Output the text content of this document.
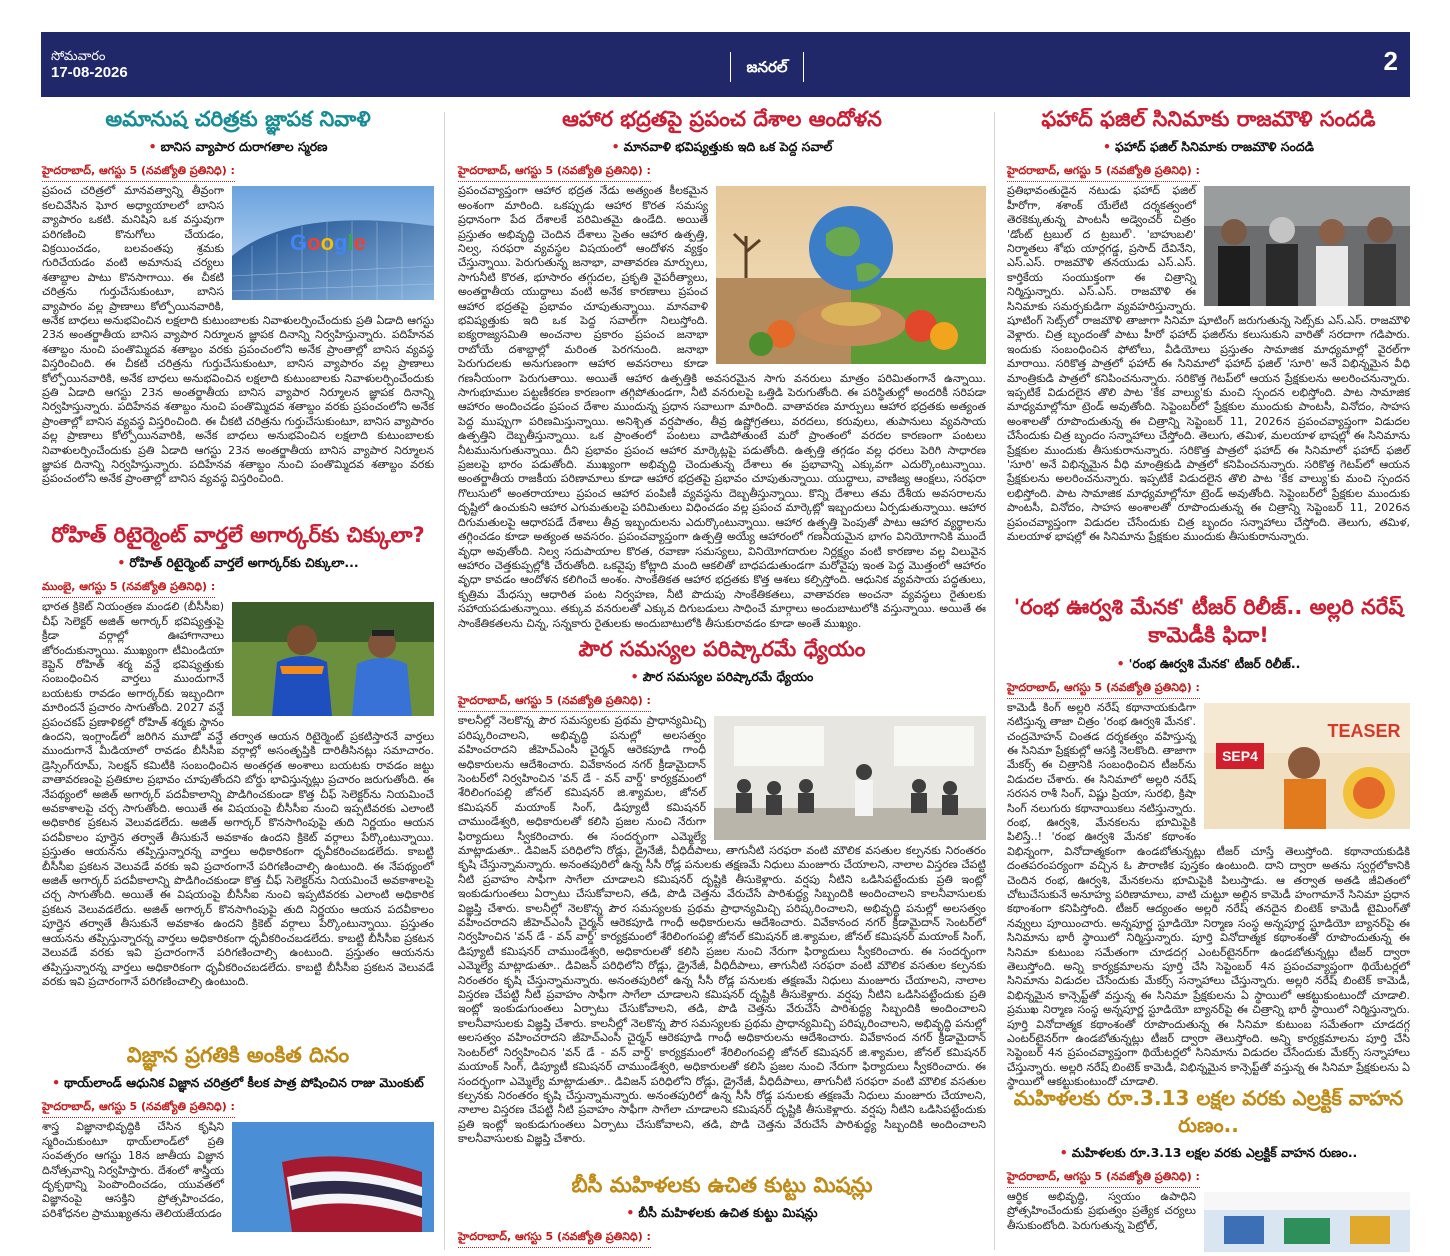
సోమవారం
17-08-2026	జనరల్	2
అమానుష చరిత్రకు జ్ఞాపక నివాళి
• బానిస వ్యాపార దురాగతాల స్మరణ
హైదరాబాద్, ఆగస్టు 5 (నవజ్యోతి ప్రతినిధి) :
Google
ప్రపంచ చరిత్రలో మానవత్వాన్ని తీవ్రంగా కలచివేసిన ఘోర అధ్యాయాలలో బానిస వ్యాపారం ఒకటి. మనిషిని ఒక వస్తువుగా పరిగణించి కొనుగోలు చేయడం, విక్రయించడం, బలవంతపు శ్రమకు గురిచేయడం వంటి అమానుష చర్యలు శతాబ్దాల పాటు కొనసాగాయి. ఈ చీకటి చరిత్రను గుర్తుచేసుకుంటూ, బానిస వ్యాపారం వల్ల ప్రాణాలు కోల్పోయినవారికి, అనేక బాధలు అనుభవించిన లక్షలాది కుటుంబాలకు నివాళులర్పించేందుకు ప్రతి ఏడాది ఆగస్టు 23న అంతర్జాతీయ బానిస వ్యాపార నిర్మూలన జ్ఞాపక దినాన్ని నిర్వహిస్తున్నారు. పదిహేనవ శతాబ్దం నుంచి పంతొమ్మిదవ శతాబ్దం వరకు ప్రపంచంలోని అనేక ప్రాంతాల్లో బానిస వ్యవస్థ విస్తరించింది. ఈ చీకటి చరిత్రను గుర్తుచేసుకుంటూ, బానిస వ్యాపారం వల్ల ప్రాణాలు కోల్పోయినవారికి, అనేక బాధలు అనుభవించిన లక్షలాది కుటుంబాలకు నివాళులర్పించేందుకు ప్రతి ఏడాది ఆగస్టు 23న అంతర్జాతీయ బానిస వ్యాపార నిర్మూలన జ్ఞాపక దినాన్ని నిర్వహిస్తున్నారు. పదిహేనవ శతాబ్దం నుంచి పంతొమ్మిదవ శతాబ్దం వరకు ప్రపంచంలోని అనేక ప్రాంతాల్లో బానిస వ్యవస్థ విస్తరించింది. ఈ చీకటి చరిత్రను గుర్తుచేసుకుంటూ, బానిస వ్యాపారం వల్ల ప్రాణాలు కోల్పోయినవారికి, అనేక బాధలు అనుభవించిన లక్షలాది కుటుంబాలకు నివాళులర్పించేందుకు ప్రతి ఏడాది ఆగస్టు 23న అంతర్జాతీయ బానిస వ్యాపార నిర్మూలన జ్ఞాపక దినాన్ని నిర్వహిస్తున్నారు. పదిహేనవ శతాబ్దం నుంచి పంతొమ్మిదవ శతాబ్దం వరకు ప్రపంచంలోని అనేక ప్రాంతాల్లో బానిస వ్యవస్థ విస్తరించింది.
రోహిత్ రిటైర్మెంట్ వార్తలే అగార్కర్‌కు చిక్కులా?
• రోహిత్ రిటైర్మెంట్ వార్తలే అగార్కర్‌కు చిక్కులా...
ముంబై, ఆగస్టు 5 (నవజ్యోతి ప్రతినిధి) :
భారత క్రికెట్ నియంత్రణ మండలి (బీసీసీఐ) చీఫ్ సెలెక్టర్ అజిత్ అగార్కర్ భవిష్యత్తుపై క్రీడా వర్గాల్లో ఊహాగానాలు జోరందుకున్నాయి. ముఖ్యంగా టీమిండియా కెప్టెన్ రోహిత్ శర్మ వన్డే భవిష్యత్తుకు సంబంధించిన వార్తలు ముందుగానే బయటకు రావడం అగార్కర్‌కు ఇబ్బందిగా మారిందనే ప్రచారం సాగుతోంది. 2027 వన్డే ప్రపంచకప్ ప్రణాళికల్లో రోహిత్ శర్మకు స్థానం ఉందని, ఇంగ్లాండ్‌లో జరిగిన మూడో వన్డే తర్వాత ఆయన రిటైర్మెంట్ ప్రకటిస్తారనే వార్తలు ముందుగానే మీడియాలో రావడం బీసీసీఐ వర్గాల్లో అసంతృప్తికి దారితీసినట్లు సమాచారం. డ్రెస్సింగ్‌రూమ్, సెలక్షన్ కమిటీకి సంబంధించిన అంతర్గత అంశాలు బయటకు రావడం జట్టు వాతావరణంపై ప్రతికూల ప్రభావం చూపుతోందని బోర్డు భావిస్తున్నట్లు ప్రచారం జరుగుతోంది. ఈ నేపథ్యంలో అజిత్ అగార్కర్ పదవీకాలాన్ని పొడిగించకుండా కొత్త చీఫ్ సెలెక్టర్‌ను నియమించే అవకాశాలపై చర్చ సాగుతోంది. అయితే ఈ విషయంపై బీసీసీఐ నుంచి ఇప్పటివరకు ఎలాంటి అధికారిక ప్రకటన వెలువడలేదు. అజిత్ అగార్కర్ కొనసాగింపుపై తుది నిర్ణయం ఆయన పదవీకాలం పూర్తైన తర్వాతే తీసుకునే అవకాశం ఉందని క్రికెట్ వర్గాలు పేర్కొంటున్నాయి. ప్రస్తుతం ఆయనను తప్పిస్తున్నారన్న వార్తలు అధికారికంగా ధృవీకరించబడలేదు. కాబట్టి బీసీసీఐ ప్రకటన వెలువడే వరకు ఇవి ప్రచారంగానే పరిగణించాల్సి ఉంటుంది. ఈ నేపథ్యంలో అజిత్ అగార్కర్ పదవీకాలాన్ని పొడిగించకుండా కొత్త చీఫ్ సెలెక్టర్‌ను నియమించే అవకాశాలపై చర్చ సాగుతోంది. అయితే ఈ విషయంపై బీసీసీఐ నుంచి ఇప్పటివరకు ఎలాంటి అధికారిక ప్రకటన వెలువడలేదు. అజిత్ అగార్కర్ కొనసాగింపుపై తుది నిర్ణయం ఆయన పదవీకాలం పూర్తైన తర్వాతే తీసుకునే అవకాశం ఉందని క్రికెట్ వర్గాలు పేర్కొంటున్నాయి. ప్రస్తుతం ఆయనను తప్పిస్తున్నారన్న వార్తలు అధికారికంగా ధృవీకరించబడలేదు. కాబట్టి బీసీసీఐ ప్రకటన వెలువడే వరకు ఇవి ప్రచారంగానే పరిగణించాల్సి ఉంటుంది. ప్రస్తుతం ఆయనను తప్పిస్తున్నారన్న వార్తలు అధికారికంగా ధృవీకరించబడలేదు. కాబట్టి బీసీసీఐ ప్రకటన వెలువడే వరకు ఇవి ప్రచారంగానే పరిగణించాల్సి ఉంటుంది.
విజ్ఞాన ప్రగతికి అంకిత దినం
• థాయ్‌లాండ్ ఆధునిక విజ్ఞాన చరిత్రలో కీలక పాత్ర పోషించిన రాజు మొంకుట్
హైదరాబాద్, ఆగస్టు 5 (నవజ్యోతి ప్రతినిధి) :
శాస్త్ర విజ్ఞానాభివృద్ధికి చేసిన కృషిని స్మరించుకుంటూ థాయ్‌లాండ్‌లో ప్రతి సంవత్సరం ఆగస్టు 18న జాతీయ విజ్ఞాన దినోత్సవాన్ని నిర్వహిస్తారు. దేశంలో శాస్త్రీయ దృక్పథాన్ని పెంపొందించడం, యువతలో విజ్ఞానంపై ఆసక్తిని ప్రోత్సహించడం, పరిశోధనల ప్రాముఖ్యతను తెలియజేయడం
ఆహార భద్రతపై ప్రపంచ దేశాల ఆందోళన
• మానవాళి భవిష్యత్తుకు ఇది ఒక పెద్ద సవాల్
హైదరాబాద్, ఆగస్టు 5 (నవజ్యోతి ప్రతినిధి) :
ప్రపంచవ్యాప్తంగా ఆహార భద్రత నేడు అత్యంత కీలకమైన అంశంగా మారింది. ఒకప్పుడు ఆహార కొరత సమస్య ప్రధానంగా పేద దేశాలకే పరిమితమై ఉండేది. అయితే ప్రస్తుతం అభివృద్ధి చెందిన దేశాలు సైతం ఆహార ఉత్పత్తి, నిల్వ, సరఫరా వ్యవస్థల విషయంలో ఆందోళన వ్యక్తం చేస్తున్నాయి. పెరుగుతున్న జనాభా, వాతావరణ మార్పులు, సాగునీటి కొరత, భూసారం తగ్గుదల, ప్రకృతి వైపరీత్యాలు, అంతర్జాతీయ యుద్ధాలు వంటి అనేక కారణాలు ప్రపంచ ఆహార భద్రతపై ప్రభావం చూపుతున్నాయి. మానవాళి భవిష్యత్తుకు ఇది ఒక పెద్ద సవాల్‌గా నిలుస్తోంది. ఐక్యరాజ్యసమితి అంచనాల ప్రకారం ప్రపంచ జనాభా రాబోయే దశాబ్దాల్లో మరింత పెరగనుంది. జనాభా పెరుగుదలకు అనుగుణంగా ఆహార అవసరాలు కూడా గణనీయంగా పెరుగుతాయి. అయితే ఆహార ఉత్పత్తికి అవసరమైన సాగు వనరులు మాత్రం పరిమితంగానే ఉన్నాయి. సాగుభూముల పట్టణీకరణ కారణంగా తగ్గిపోతుండగా, నీటి వనరులపై ఒత్తిడి పెరుగుతోంది. ఈ పరిస్థితుల్లో అందరికీ సరిపడా ఆహారం అందించడం ప్రపంచ దేశాల ముందున్న ప్రధాన సవాలుగా మారింది. వాతావరణ మార్పులు ఆహార భద్రతకు అత్యంత పెద్ద ముప్పుగా పరిణమిస్తున్నాయి. అనిశ్చిత వర్షపాతం, తీవ్ర ఉష్ణోగ్రతలు, వరదలు, కరువులు, తుపానులు వ్యవసాయ ఉత్పత్తిని దెబ్బతీస్తున్నాయి. ఒక ప్రాంతంలో పంటలు వాడిపోతుంటే మరో ప్రాంతంలో వరదల కారణంగా పంటలు నీటమునుగుతున్నాయి. దీని ప్రభావం ప్రపంచ ఆహార మార్కెట్లపై పడుతోంది. ఉత్పత్తి తగ్గడం వల్ల ధరలు పెరిగి సాధారణ ప్రజలపై భారం పడుతోంది. ముఖ్యంగా అభివృద్ధి చెందుతున్న దేశాలు ఈ ప్రభావాన్ని ఎక్కువగా ఎదుర్కొంటున్నాయి. అంతర్జాతీయ రాజకీయ పరిణామాలు కూడా ఆహార భద్రతపై ప్రభావం చూపుతున్నాయి. యుద్ధాలు, వాణిజ్య ఆంక్షలు, సరఫరా గొలుసులో అంతరాయాలు ప్రపంచ ఆహార పంపిణీ వ్యవస్థను దెబ్బతీస్తున్నాయి. కొన్ని దేశాలు తమ దేశీయ అవసరాలను దృష్టిలో ఉంచుకుని ఆహార ఎగుమతులపై పరిమితులు విధించడం వల్ల ప్రపంచ మార్కెట్లో ఇబ్బందులు ఏర్పడుతున్నాయి. ఆహార దిగుమతులపై ఆధారపడే దేశాలు తీవ్ర ఇబ్బందులను ఎదుర్కొంటున్నాయి. ఆహార ఉత్పత్తి పెంపుతో పాటు ఆహార వ్యర్థాలను తగ్గించడం కూడా అత్యంత అవసరం. ప్రపంచవ్యాప్తంగా ఉత్పత్తి అయ్యే ఆహారంలో గణనీయమైన భాగం వినియోగానికి ముందే వృధా అవుతోంది. నిల్వ సదుపాయాల కొరత, రవాణా సమస్యలు, వినియోగదారుల నిర్లక్ష్యం వంటి కారణాల వల్ల విలువైన ఆహారం చెత్తకుప్పల్లోకి చేరుతోంది. ఒకవైపు కోట్లాది మంది ఆకలితో బాధపడుతుండగా మరోవైపు ఇంత పెద్ద మొత్తంలో ఆహారం వృధా కావడం ఆందోళన కలిగించే అంశం. సాంకేతికత ఆహార భద్రతకు కొత్త ఆశలు కల్పిస్తోంది. ఆధునిక వ్యవసాయ పద్ధతులు, కృత్రిమ మేధస్సు ఆధారిత పంట నిర్వహణ, నీటి పొదుపు సాంకేతికతలు, వాతావరణ అంచనా వ్యవస్థలు రైతులకు సహాయపడుతున్నాయి. తక్కువ వనరులతో ఎక్కువ దిగుబడులు సాధించే మార్గాలు అందుబాటులోకి వస్తున్నాయి. అయితే ఈ సాంకేతికతలను చిన్న, సన్నకారు రైతులకు అందుబాటులోకి తీసుకురావడం కూడా అంతే ముఖ్యం.
పౌర సమస్యల పరిష్కారమే ధ్యేయం
• పౌర సమస్యల పరిష్కారమే ధ్యేయం
హైదరాబాద్, ఆగస్టు 5 (నవజ్యోతి ప్రతినిధి) :
కాలనీల్లో నెలకొన్న పౌర సమస్యలకు ప్రథమ ప్రాధాన్యమిచ్చి పరిష్కరించాలని, అభివృద్ధి పనుల్లో అలసత్వం వహించరాదని జీహెచ్ఎంసీ చైర్మన్ ఆరెకపూడి గాంధీ అధికారులను ఆదేశించారు. వివేకానంద నగర్ క్రీడామైదాన్ సెంటర్‌లో నిర్వహించిన 'వన్ డే - వన్ వార్డ్' కార్యక్రమంలో శేరిలింగంపల్లి జోనల్ కమిషనర్ జి.శ్యామల, జోనల్ కమిషనర్ మయాంక్ సింగ్, డిప్యూటీ కమిషనర్ చాముండేశ్వరి, అధికారులతో కలిసి ప్రజల నుంచి నేరుగా ఫిర్యాదులు స్వీకరించారు. ఈ సందర్భంగా ఎమ్మెల్యే మాట్లాడుతూ.. డివిజన్ పరిధిలోని రోడ్లు, డ్రైనేజీ, వీధిదీపాలు, తాగునీటి సరఫరా వంటి మౌలిక వసతుల కల్పనకు నిరంతరం కృషి చేస్తున్నామన్నారు. అనంతపురిలో ఉన్న సీసీ రోడ్ల పనులకు తక్షణమే నిధులు మంజూరు చేయాలని, నాలాల విస్తరణ చేపట్టి నీటి ప్రవాహం సాఫీగా సాగేలా చూడాలని కమిషనర్ దృష్టికి తీసుకెళ్లారు. వర్షపు నీటిని ఒడిసిపట్టేందుకు ప్రతి ఇంట్లో ఇంకుడుగుంతలు ఏర్పాటు చేసుకోవాలని, తడి, పొడి చెత్తను వేరుచేసే పారిశుద్ధ్య సిబ్బందికి అందించాలని కాలనీవాసులకు విజ్ఞప్తి చేశారు. కాలనీల్లో నెలకొన్న పౌర సమస్యలకు ప్రథమ ప్రాధాన్యమిచ్చి పరిష్కరించాలని, అభివృద్ధి పనుల్లో అలసత్వం వహించరాదని జీహెచ్ఎంసీ చైర్మన్ ఆరెకపూడి గాంధీ అధికారులను ఆదేశించారు. వివేకానంద నగర్ క్రీడామైదాన్ సెంటర్‌లో నిర్వహించిన 'వన్ డే - వన్ వార్డ్' కార్యక్రమంలో శేరిలింగంపల్లి జోనల్ కమిషనర్ జి.శ్యామల, జోనల్ కమిషనర్ మయాంక్ సింగ్, డిప్యూటీ కమిషనర్ చాముండేశ్వరి, అధికారులతో కలిసి ప్రజల నుంచి నేరుగా ఫిర్యాదులు స్వీకరించారు. ఈ సందర్భంగా ఎమ్మెల్యే మాట్లాడుతూ.. డివిజన్ పరిధిలోని రోడ్లు, డ్రైనేజీ, వీధిదీపాలు, తాగునీటి సరఫరా వంటి మౌలిక వసతుల కల్పనకు నిరంతరం కృషి చేస్తున్నామన్నారు. అనంతపురిలో ఉన్న సీసీ రోడ్ల పనులకు తక్షణమే నిధులు మంజూరు చేయాలని, నాలాల విస్తరణ చేపట్టి నీటి ప్రవాహం సాఫీగా సాగేలా చూడాలని కమిషనర్ దృష్టికి తీసుకెళ్లారు. వర్షపు నీటిని ఒడిసిపట్టేందుకు ప్రతి ఇంట్లో ఇంకుడుగుంతలు ఏర్పాటు చేసుకోవాలని, తడి, పొడి చెత్తను వేరుచేసే పారిశుద్ధ్య సిబ్బందికి అందించాలని కాలనీవాసులకు విజ్ఞప్తి చేశారు. కాలనీల్లో నెలకొన్న పౌర సమస్యలకు ప్రథమ ప్రాధాన్యమిచ్చి పరిష్కరించాలని, అభివృద్ధి పనుల్లో అలసత్వం వహించరాదని జీహెచ్ఎంసీ చైర్మన్ ఆరెకపూడి గాంధీ అధికారులను ఆదేశించారు. వివేకానంద నగర్ క్రీడామైదాన్ సెంటర్‌లో నిర్వహించిన 'వన్ డే - వన్ వార్డ్' కార్యక్రమంలో శేరిలింగంపల్లి జోనల్ కమిషనర్ జి.శ్యామల, జోనల్ కమిషనర్ మయాంక్ సింగ్, డిప్యూటీ కమిషనర్ చాముండేశ్వరి, అధికారులతో కలిసి ప్రజల నుంచి నేరుగా ఫిర్యాదులు స్వీకరించారు. ఈ సందర్భంగా ఎమ్మెల్యే మాట్లాడుతూ.. డివిజన్ పరిధిలోని రోడ్లు, డ్రైనేజీ, వీధిదీపాలు, తాగునీటి సరఫరా వంటి మౌలిక వసతుల కల్పనకు నిరంతరం కృషి చేస్తున్నామన్నారు. అనంతపురిలో ఉన్న సీసీ రోడ్ల పనులకు తక్షణమే నిధులు మంజూరు చేయాలని, నాలాల విస్తరణ చేపట్టి నీటి ప్రవాహం సాఫీగా సాగేలా చూడాలని కమిషనర్ దృష్టికి తీసుకెళ్లారు. వర్షపు నీటిని ఒడిసిపట్టేందుకు ప్రతి ఇంట్లో ఇంకుడుగుంతలు ఏర్పాటు చేసుకోవాలని, తడి, పొడి చెత్తను వేరుచేసే పారిశుద్ధ్య సిబ్బందికి అందించాలని కాలనీవాసులకు విజ్ఞప్తి చేశారు.
బీసీ మహిళలకు ఉచిత కుట్టు మిషన్లు
• బీసీ మహిళలకు ఉచిత కుట్టు మిషన్లు
హైదరాబాద్, ఆగస్టు 5 (నవజ్యోతి ప్రతినిధి) :
ఫహాద్ ఫజిల్ సినిమాకు రాజమౌళి సందడి
• ఫహాద్ ఫజిల్ సినిమాకు రాజమౌళి సందడి
హైదరాబాద్, ఆగస్టు 5 (నవజ్యోతి ప్రతినిధి) :
ప్రతిభావంతుడైన నటుడు ఫహాద్ ఫజిల్ హీరోగా, శశాంక్ యేలేటి దర్శకత్వంలో తెరకెక్కుతున్న పాంటసీ అడ్వెంచర్ చిత్రం 'డోంట్ ట్రబుల్ ద ట్రబుల్'. 'బాహుబలి' నిర్మాతలు శోభు యార్లగడ్డ, ప్రసాద్ దేవినేని, ఎస్.ఎస్. రాజమౌళి తనయుడు ఎస్.ఎస్. కార్తికేయ సంయుక్తంగా ఈ చిత్రాన్ని నిర్మిస్తున్నారు. ఎస్.ఎస్. రాజమౌళి ఈ సినిమాకు సమర్పకుడిగా వ్యవహరిస్తున్నారు. షూటింగ్ సెట్స్‌లో రాజమౌళి తాజాగా సినిమా షూటింగ్ జరుగుతున్న సెట్స్‌కు ఎస్.ఎస్. రాజమౌళి వెళ్లారు. చిత్ర బృందంతో పాటు హీరో ఫహాద్ ఫజిల్‌ను కలుసుకుని వారితో సరదాగా గడిపారు. ఇందుకు సంబంధించిన ఫోటోలు, వీడియోలు ప్రస్తుతం సామాజిక మాధ్యమాల్లో వైరల్‌గా మారాయి. సరికొత్త పాత్రలో ఫహాద్ ఈ సినిమాలో ఫహాద్ ఫజిల్ 'సూరి' అనే విభిన్నమైన వీధి మాంత్రికుడి పాత్రలో కనిపించనున్నారు. సరికొత్త గెటప్‌లో ఆయన ప్రేక్షకులను అలరించనున్నారు. ఇప్పటికే విడుదలైన తొలి పాట 'కేక వాల్యు'కు మంచి స్పందన లభిస్తోంది. పాట సామాజిక మాధ్యమాల్లోనూ ట్రెండ్ అవుతోంది. సెప్టెంబర్‌లో ప్రేక్షకుల ముందుకు పాంటసీ, వినోదం, సాహస అంశాలతో రూపొందుతున్న ఈ చిత్రాన్ని సెప్టెంబర్ 11, 2026న ప్రపంచవ్యాప్తంగా విడుదల చేసేందుకు చిత్ర బృందం సన్నాహాలు చేస్తోంది. తెలుగు, తమిళ, మలయాళ భాషల్లో ఈ సినిమాను ప్రేక్షకుల ముందుకు తీసుకురానున్నారు. సరికొత్త పాత్రలో ఫహాద్ ఈ సినిమాలో ఫహాద్ ఫజిల్ 'సూరి' అనే విభిన్నమైన వీధి మాంత్రికుడి పాత్రలో కనిపించనున్నారు. సరికొత్త గెటప్‌లో ఆయన ప్రేక్షకులను అలరించనున్నారు. ఇప్పటికే విడుదలైన తొలి పాట 'కేక వాల్యు'కు మంచి స్పందన లభిస్తోంది. పాట సామాజిక మాధ్యమాల్లోనూ ట్రెండ్ అవుతోంది. సెప్టెంబర్‌లో ప్రేక్షకుల ముందుకు పాంటసీ, వినోదం, సాహస అంశాలతో రూపొందుతున్న ఈ చిత్రాన్ని సెప్టెంబర్ 11, 2026న ప్రపంచవ్యాప్తంగా విడుదల చేసేందుకు చిత్ర బృందం సన్నాహాలు చేస్తోంది. తెలుగు, తమిళ, మలయాళ భాషల్లో ఈ సినిమాను ప్రేక్షకుల ముందుకు తీసుకురానున్నారు.
'రంభ ఊర్వశి మేనక' టీజర్ రిలీజ్.. అల్లరి నరేష్ కామెడీకి ఫిదా!
• 'రంభ ఊర్వశి మేనక' టీజర్ రిలీజ్..
హైదరాబాద్, ఆగస్టు 5 (నవజ్యోతి ప్రతినిధి) :
SEP4
TEASER
కామెడీ కింగ్ అల్లరి నరేష్ కథానాయకుడిగా నటిస్తున్న తాజా చిత్రం 'రంభ ఊర్వశి మేనక'. చంద్రమోహన్ చింతడ దర్శకత్వం వహిస్తున్న ఈ సినిమా ప్రేక్షకుల్లో ఆసక్తి నెలకొంది. తాజాగా మేకర్స్ ఈ చిత్రానికి సంబంధించిన టీజర్‌ను విడుదల చేశారు. ఈ సినిమాలో అల్లరి నరేష్ సరసన రాశీ సింగ్, విష్ణు ప్రియా, సురభి, క్రిషా సింగ్ నలుగురు కథానాయికలు నటిస్తున్నారు. రంభ, ఊర్వశి, మేనకలను భూమిపైకి పిలిస్తే..! 'రంభ ఊర్వశి మేనక' కథాంశం విభిన్నంగా, వినోదాత్మకంగా ఉండబోతున్నట్లు టీజర్ చూస్తే తెలుస్తోంది. కథానాయకుడికి దంతపరంపర్యంగా వచ్చిన ఓ పౌరాణిక పుస్తకం ఉంటుంది. దాని ద్వారా అతను స్వర్గలోకానికి చెందిన రంభ, ఊర్వశి, మేనకలను భూమిపైకి పిలుస్తాడు. ఆ తర్వాత అతడి జీవితంలో చోటుచేసుకునే అనూహ్య పరిణామాలు, వాటి చుట్టూ అల్లిన కామెడీ హంగామానే సినిమా ప్రధాన కథాంశంగా కనిపిస్తోంది. టీజర్ ఆద్యంతం అల్లరి నరేష్ తనదైన బింటెక్ కామెడీ టైమింగ్‌తో నవ్వులు పూయించారు. అన్నపూర్ణ స్టూడియో నిర్మాణ సంస్థ అన్నపూర్ణ స్టూడియో బ్యానర్‌పై ఈ సినిమాను భారీ స్థాయిలో నిర్మిస్తున్నారు. పూర్తి వినోదాత్మక కథాంశంతో రూపొందుతున్న ఈ సినిమా కుటుంబ సమేతంగా చూడదగ్గ ఎంటర్‌టైనర్‌గా ఉండబోతున్నట్లు టీజర్ ద్వారా తెలుస్తోంది. అన్ని కార్యక్రమాలను పూర్తి చేసి సెప్టెంబర్ 4న ప్రపంచవ్యాప్తంగా థియేటర్లలో సినిమాను విడుదల చేసేందుకు మేకర్స్ సన్నాహాలు చేస్తున్నారు. అల్లరి నరేష్ బింటెక్ కామెడీ, విభిన్నమైన కాన్సెప్ట్‌తో వస్తున్న ఈ సినిమా ప్రేక్షకులను ఏ స్థాయిలో ఆకట్టుకుంటుందో చూడాలి. ప్రముఖ నిర్మాణ సంస్థ అన్నపూర్ణ స్టూడియో బ్యానర్‌పై ఈ చిత్రాన్ని భారీ స్థాయిలో నిర్మిస్తున్నారు. పూర్తి వినోదాత్మక కథాంశంతో రూపొందుతున్న ఈ సినిమా కుటుంబ సమేతంగా చూడదగ్గ ఎంటర్‌టైనర్‌గా ఉండబోతున్నట్లు టీజర్ ద్వారా తెలుస్తోంది. అన్ని కార్యక్రమాలను పూర్తి చేసి సెప్టెంబర్ 4న ప్రపంచవ్యాప్తంగా థియేటర్లలో సినిమాను విడుదల చేసేందుకు మేకర్స్ సన్నాహాలు చేస్తున్నారు. అల్లరి నరేష్ బింటెక్ కామెడీ, విభిన్నమైన కాన్సెప్ట్‌తో వస్తున్న ఈ సినిమా ప్రేక్షకులను ఏ స్థాయిలో ఆకట్టుకుంటుందో చూడాలి.
మహిళలకు రూ.3.13 లక్షల వరకు ఎల్రక్టిక్ వాహన రుణం..
• మహిళలకు రూ.3.13 లక్షల వరకు ఎల్రక్టిక్ వాహన రుణం..
హైదరాబాద్, ఆగస్టు 5 (నవజ్యోతి ప్రతినిధి) :
ఆర్థిక అభివృద్ధి, స్వయం ఉపాధిని ప్రోత్సహించేందుకు ప్రభుత్వం ప్రత్యేక చర్యలు తీసుకుంటోంది. పెరుగుతున్న పెట్రోల్,
